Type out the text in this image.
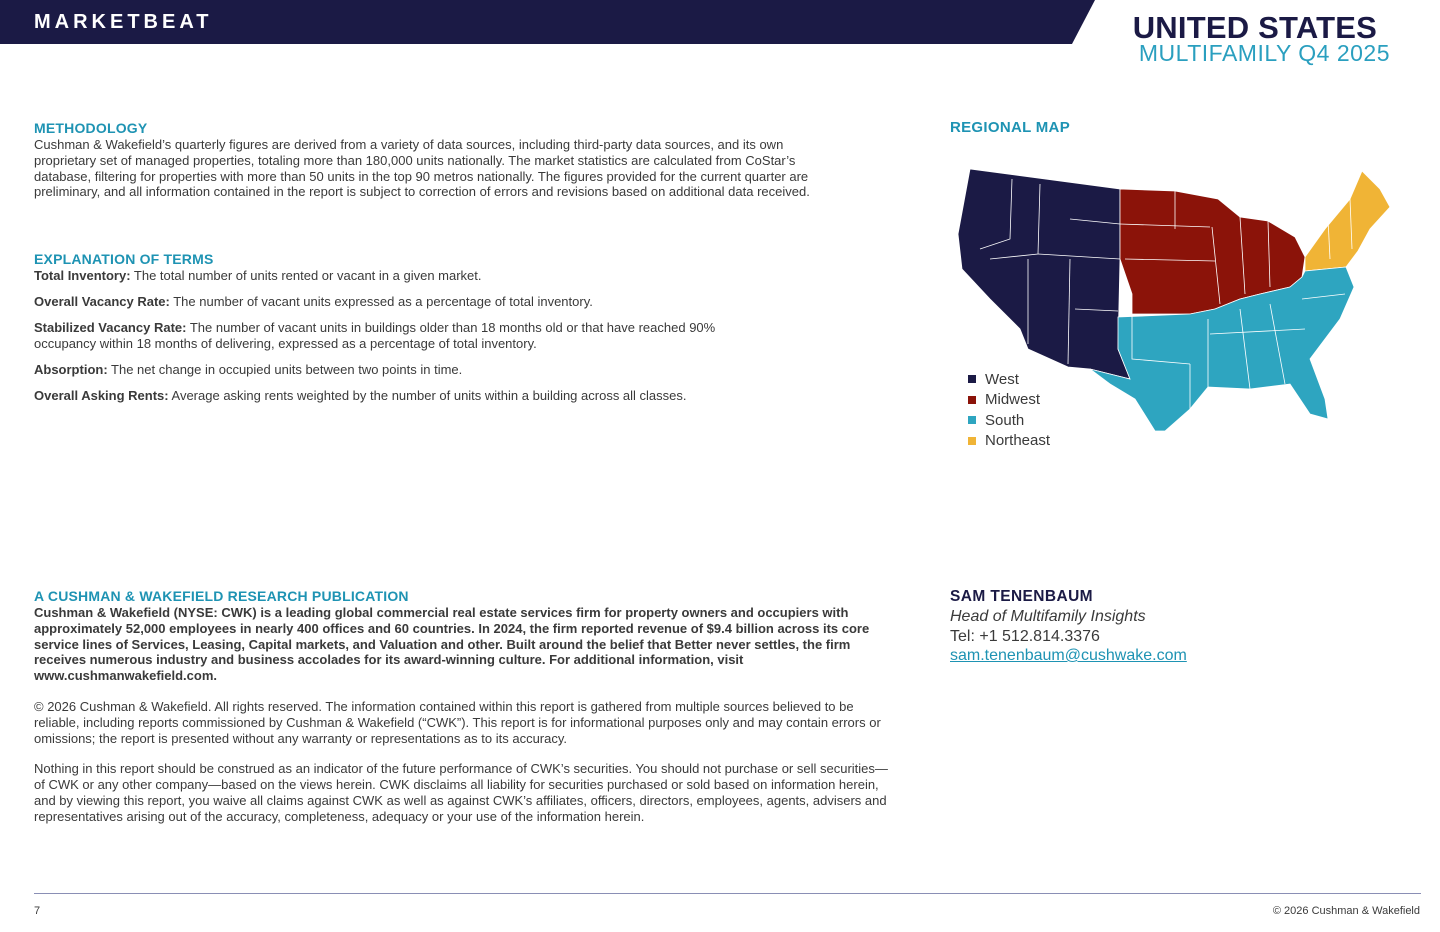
MARKETBEAT	UNITED STATES
MULTIFAMILY Q4 2025
METHODOLOGY

Cushman & Wakefield’s quarterly figures are derived from a variety of data sources, including third-party data sources, and its own proprietary set of managed properties, totaling more than 180,000 units nationally. The market statistics are calculated from CoStar’s database, filtering for properties with more than 50 units in the top 90 metros nationally. The figures provided for the current quarter are preliminary, and all information contained in the report is subject to correction of errors and revisions based on additional data received.

EXPLANATION OF TERMS

Total Inventory: The total number of units rented or vacant in a given market.

Overall Vacancy Rate: The number of vacant units expressed as a percentage of total inventory.

Stabilized Vacancy Rate: The number of vacant units in buildings older than 18 months old or that have reached 90% occupancy within 18 months of delivering, expressed as a percentage of total inventory.

Absorption: The net change in occupied units between two points in time.

Overall Asking Rents: Average asking rents weighted by the number of units within a building across all classes.

REGIONAL MAP
West
Midwest
South
Northeast
A CUSHMAN & WAKEFIELD RESEARCH PUBLICATION

Cushman & Wakefield (NYSE: CWK) is a leading global commercial real estate services firm for property owners and occupiers with approximately 52,000 employees in nearly 400 offices and 60 countries. In 2024, the firm reported revenue of $9.4 billion across its core service lines of Services, Leasing, Capital markets, and Valuation and other. Built around the belief that Better never settles, the firm receives numerous industry and business accolades for its award-winning culture. For additional information, visit www.cushmanwakefield.com.

© 2026 Cushman & Wakefield. All rights reserved. The information contained within this report is gathered from multiple sources believed to be reliable, including reports commissioned by Cushman & Wakefield (“CWK”). This report is for informational purposes only and may contain errors or omissions; the report is presented without any warranty or representations as to its accuracy.

Nothing in this report should be construed as an indicator of the future performance of CWK’s securities. You should not purchase or sell securities—of CWK or any other company—based on the views herein. CWK disclaims all liability for securities purchased or sold based on information herein, and by viewing this report, you waive all claims against CWK as well as against CWK’s affiliates, officers, directors, employees, agents, advisers and representatives arising out of the accuracy, completeness, adequacy or your use of the information herein.

SAM TENENBAUM
Head of Multifamily Insights
Tel: +1 512.814.3376
sam.tenenbaum@cushwake.com
7	© 2026 Cushman & Wakefield
